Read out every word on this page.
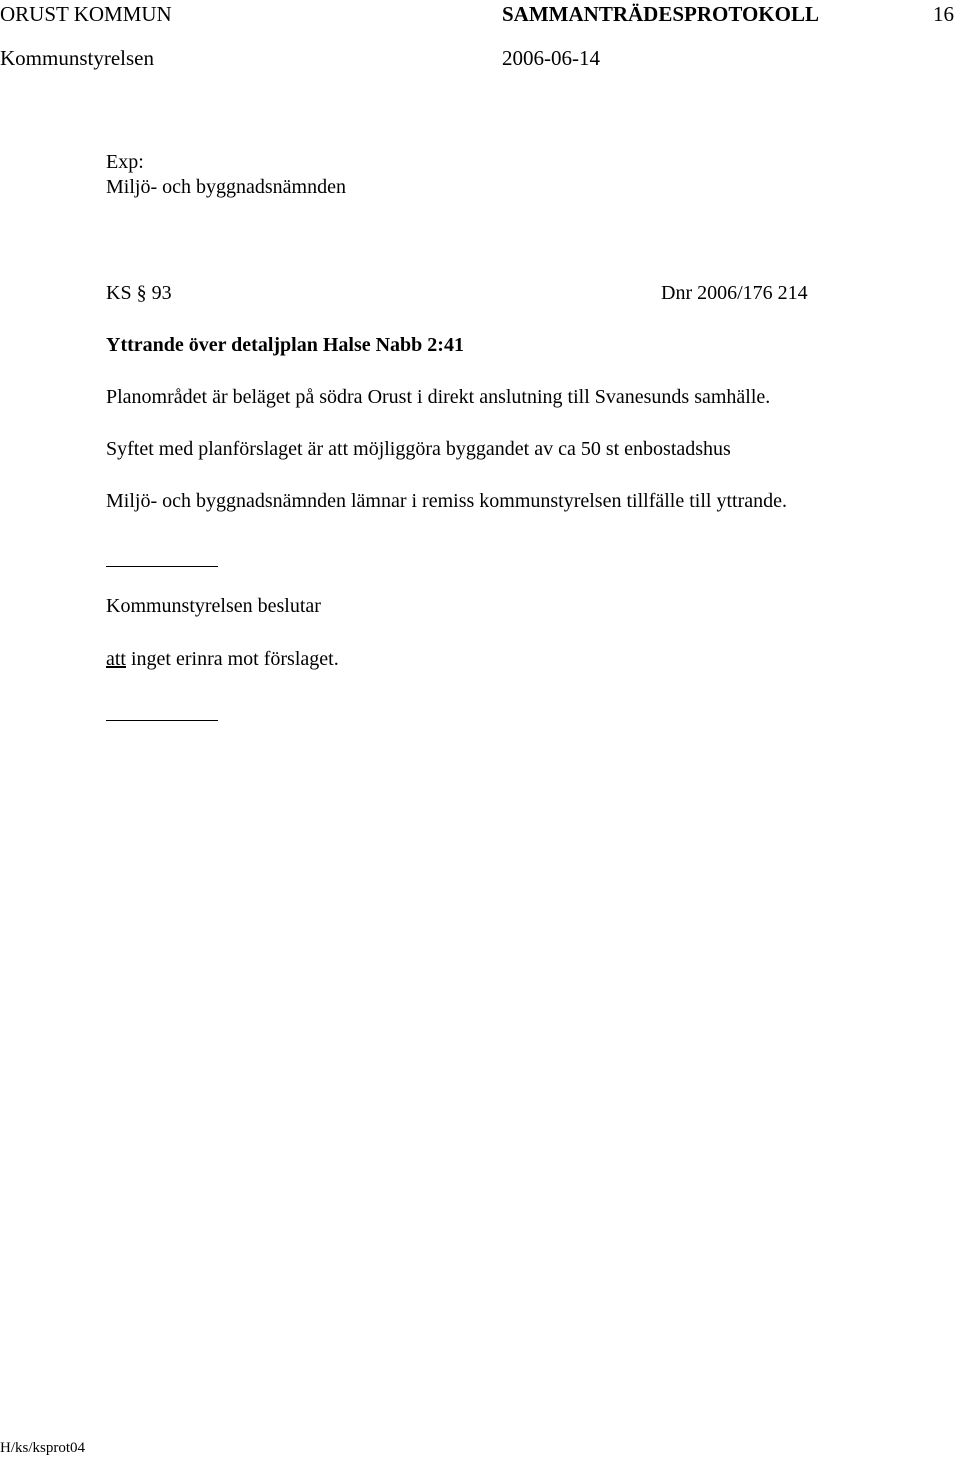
ORUST KOMMUN	SAMMANTRÄDESPROTOKOLL	16
Kommunstyrelsen	2006-06-14
Exp:
Miljö- och byggnadsnämnden
KS § 93	Dnr 2006/176 214
Yttrande över detaljplan Halse Nabb 2:41
Planområdet är beläget på södra Orust i direkt anslutning till Svanesunds samhälle.
Syftet med planförslaget är att möjliggöra byggandet av ca 50 st enbostadshus
Miljö- och byggnadsnämnden lämnar i remiss kommunstyrelsen tillfälle till yttrande.
Kommunstyrelsen beslutar
att inget erinra mot förslaget.
H/ks/ksprot04
